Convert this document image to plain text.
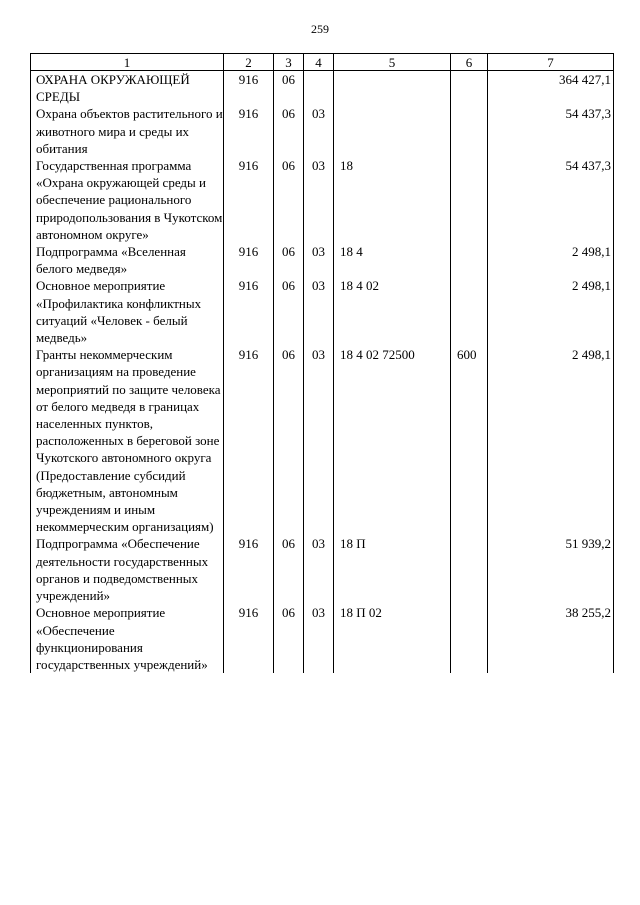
259
1	2	3	4	5	6	7
ОХРАНА ОКРУЖАЮЩЕЙ СРЕДЫ	916	06				364 427,1
Охрана объектов растительного и животного мира и среды их обитания	916	06	03			54 437,3
Государственная программа «Охрана окружающей среды и обеспечение рационального природопользования в Чукотском автономном округе»	916	06	03	18		54 437,3
Подпрограмма «Вселенная белого медведя»	916	06	03	18 4		2 498,1
Основное мероприятие «Профилактика конфликтных ситуаций «Человек - белый медведь»	916	06	03	18 4 02		2 498,1
Гранты некоммерческим организациям на проведение мероприятий по защите человека от белого медведя в границах населенных пунктов, расположенных в береговой зоне Чукотского автономного округа (Предоставление субсидий бюджетным, автономным учреждениям и иным некоммерческим организациям)	916	06	03	18 4 02 72500	600	2 498,1
Подпрограмма «Обеспечение деятельности государственных органов и подведомственных учреждений»	916	06	03	18 П		51 939,2
Основное мероприятие «Обеспечение функционирования государственных учреждений»	916	06	03	18 П 02		38 255,2
